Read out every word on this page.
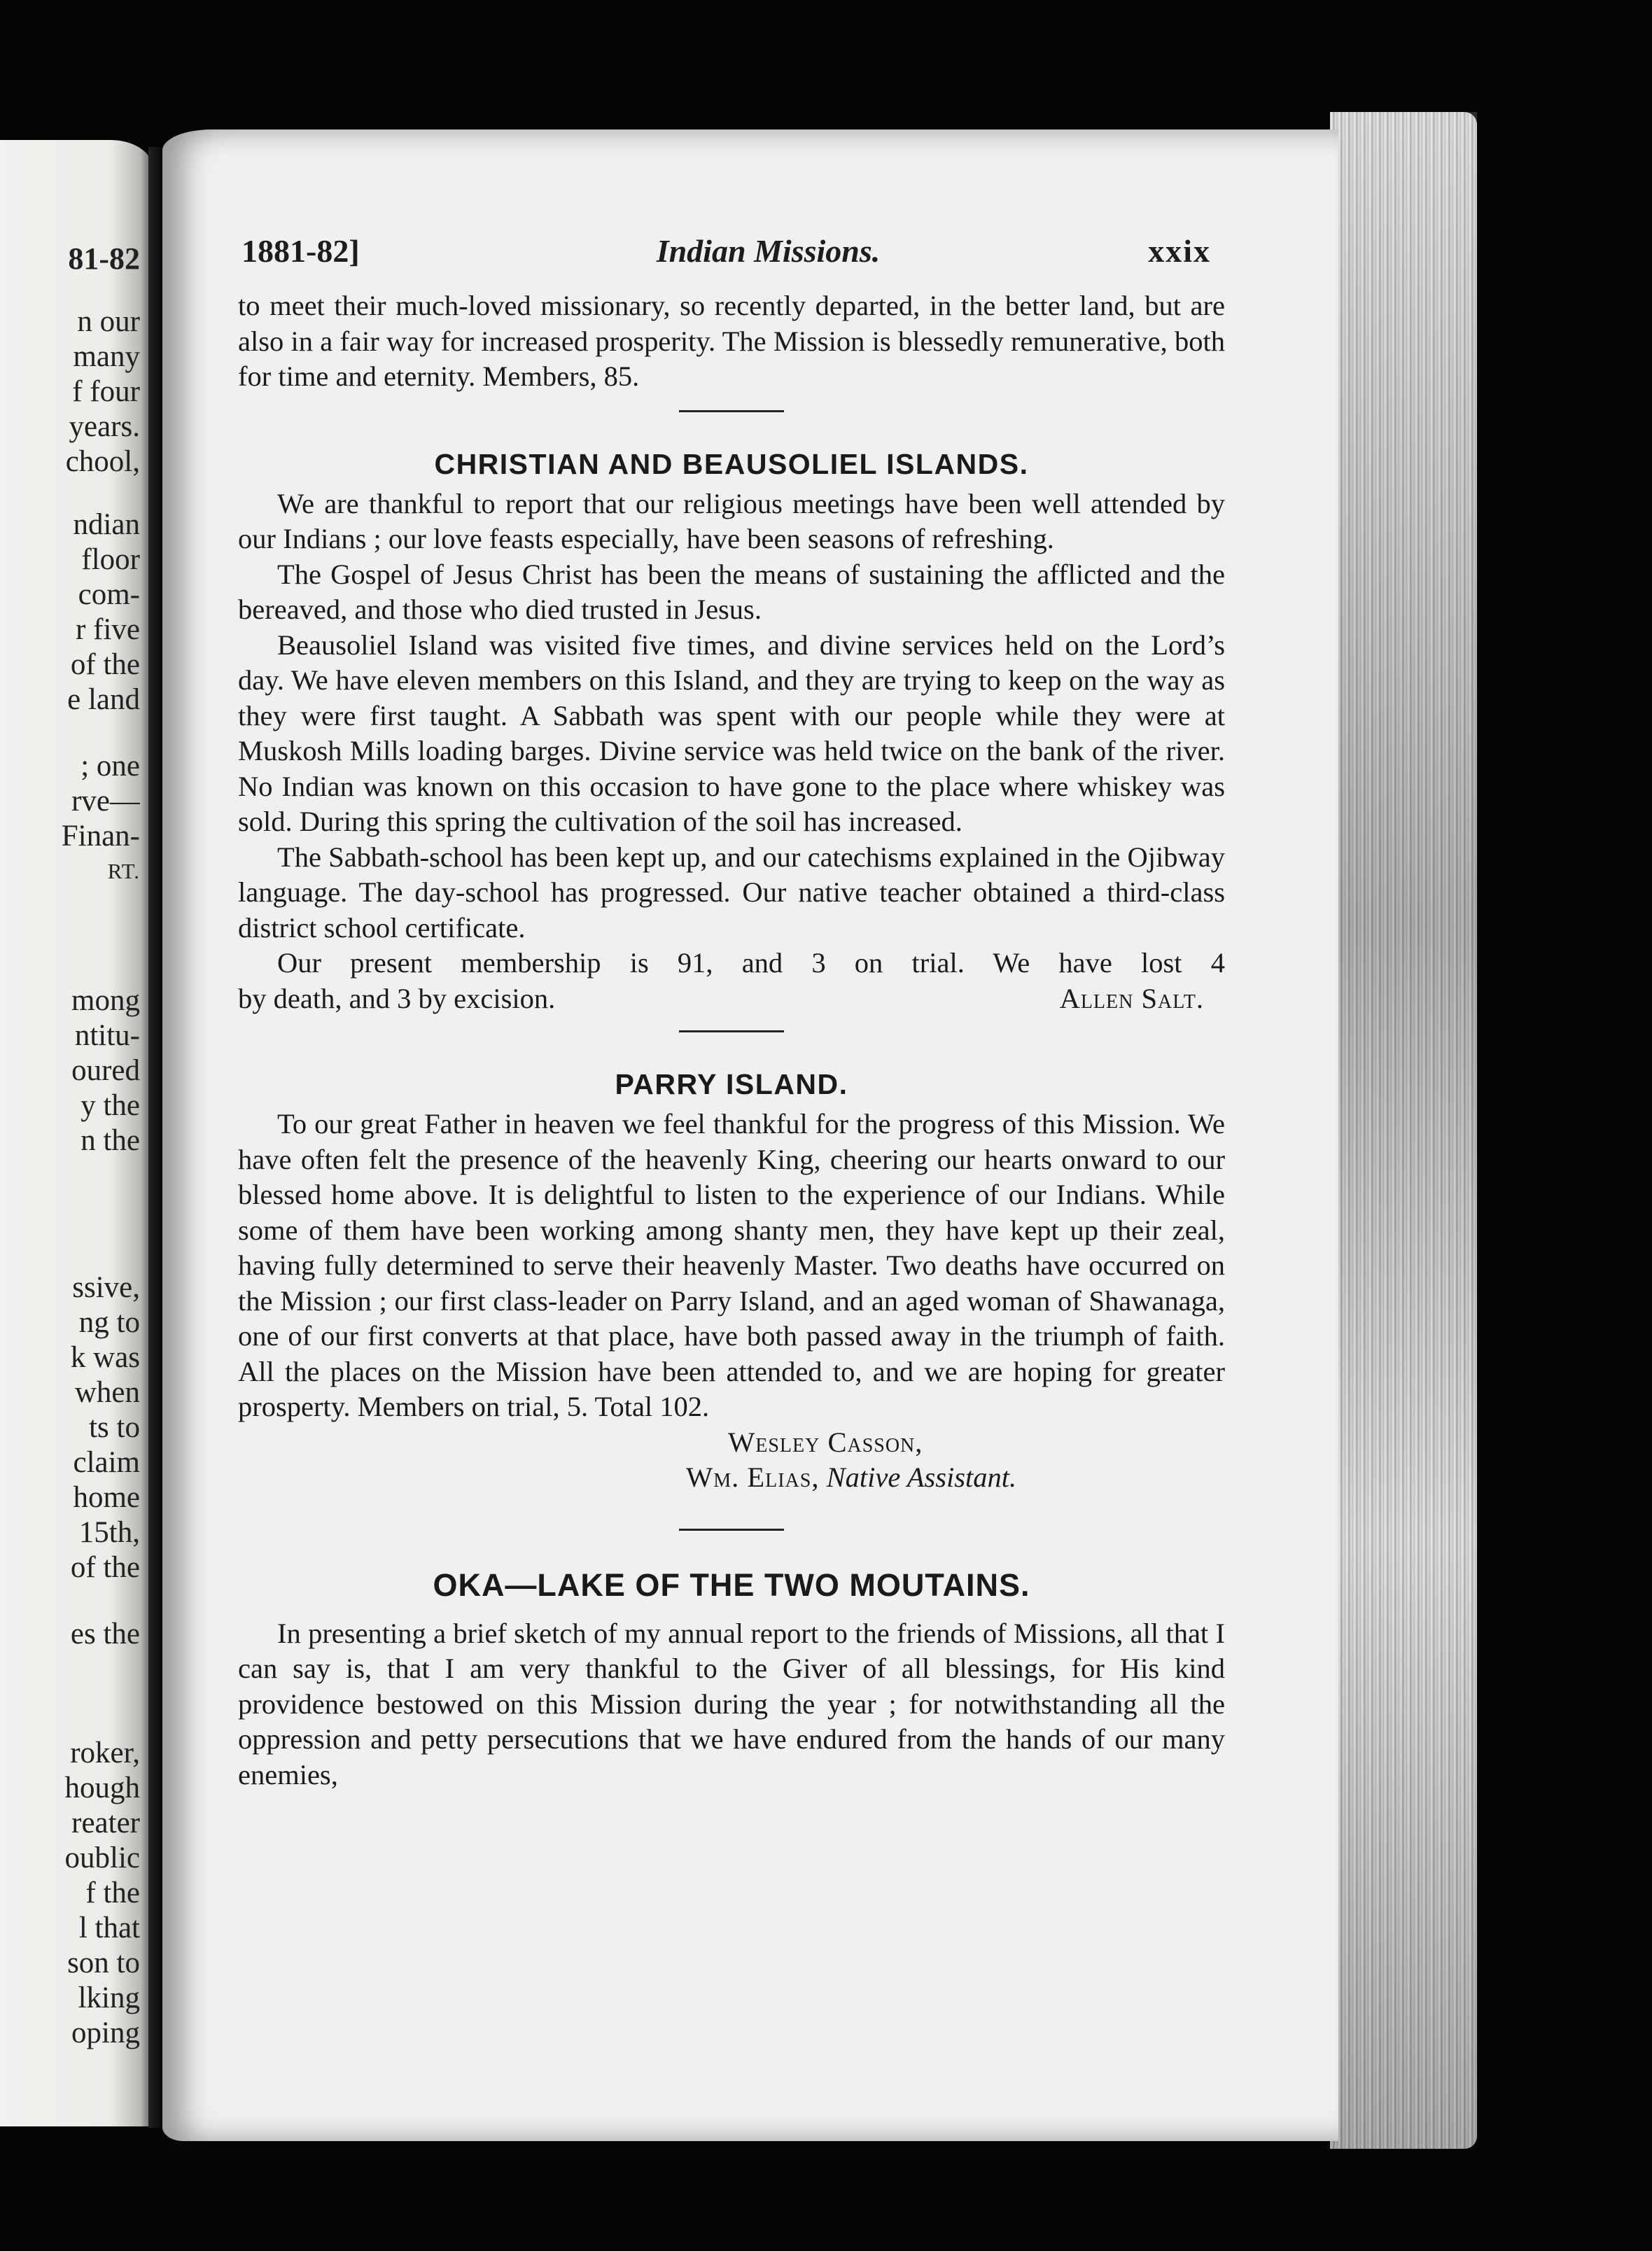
81-82
n our
many
f four
years.
chool,
ndian
floor
com-
r five
of the
e land
; one
rve—
Finan-
RT.
mong
ntitu-
oured
y the
n the
ssive,
ng to
k was
when
ts to
claim
home
15th,
of the
es the
roker,
hough
reater
oublic
f the
l that
son to
lking
oping
1881-82]	Indian Missions.	xxix

to meet their much-loved missionary, so recently departed, in the better land, but are also in a fair way for increased prosperity. The Mission is blessedly remunerative, both for time and eternity. Members, 85.

CHRISTIAN AND BEAUSOLIEL ISLANDS.

We are thankful to report that our religious meetings have been well attended by our Indians ; our love feasts especially, have been seasons of refreshing.

The Gospel of Jesus Christ has been the means of sustaining the afflicted and the bereaved, and those who died trusted in Jesus.

Beausoliel Island was visited five times, and divine services held on the Lord’s day. We have eleven members on this Island, and they are trying to keep on the way as they were first taught. A Sabbath was spent with our people while they were at Muskosh Mills loading barges. Divine service was held twice on the bank of the river. No Indian was known on this occasion to have gone to the place where whiskey was sold. During this spring the cultivation of the soil has increased.

The Sabbath-school has been kept up, and our catechisms explained in the Ojibway language. The day-school has progressed. Our native teacher obtained a third-class district school certificate.

Our present membership is 91, and 3 on trial. We have lost 4

by death, and 3 by excision.	Allen Salt.
PARRY ISLAND.

To our great Father in heaven we feel thankful for the progress of this Mission. We have often felt the presence of the heavenly King, cheering our hearts onward to our blessed home above. It is delightful to listen to the experience of our Indians. While some of them have been working among shanty men, they have kept up their zeal, having fully determined to serve their heavenly Master. Two deaths have occurred on the Mission ; our first class-leader on Parry Island, and an aged woman of Shawanaga, one of our first converts at that place, have both passed away in the triumph of faith. All the places on the Mission have been attended to, and we are hoping for greater prosperty. Members on trial, 5. Total 102.

Wesley Casson,
Wm. Elias, Native Assistant.
OKA—LAKE OF THE TWO MOUTAINS.

In presenting a brief sketch of my annual report to the friends of Missions, all that I can say is, that I am very thankful to the Giver of all blessings, for His kind providence bestowed on this Mission during the year ; for notwithstanding all the oppression and petty persecutions that we have endured from the hands of our many enemies,
